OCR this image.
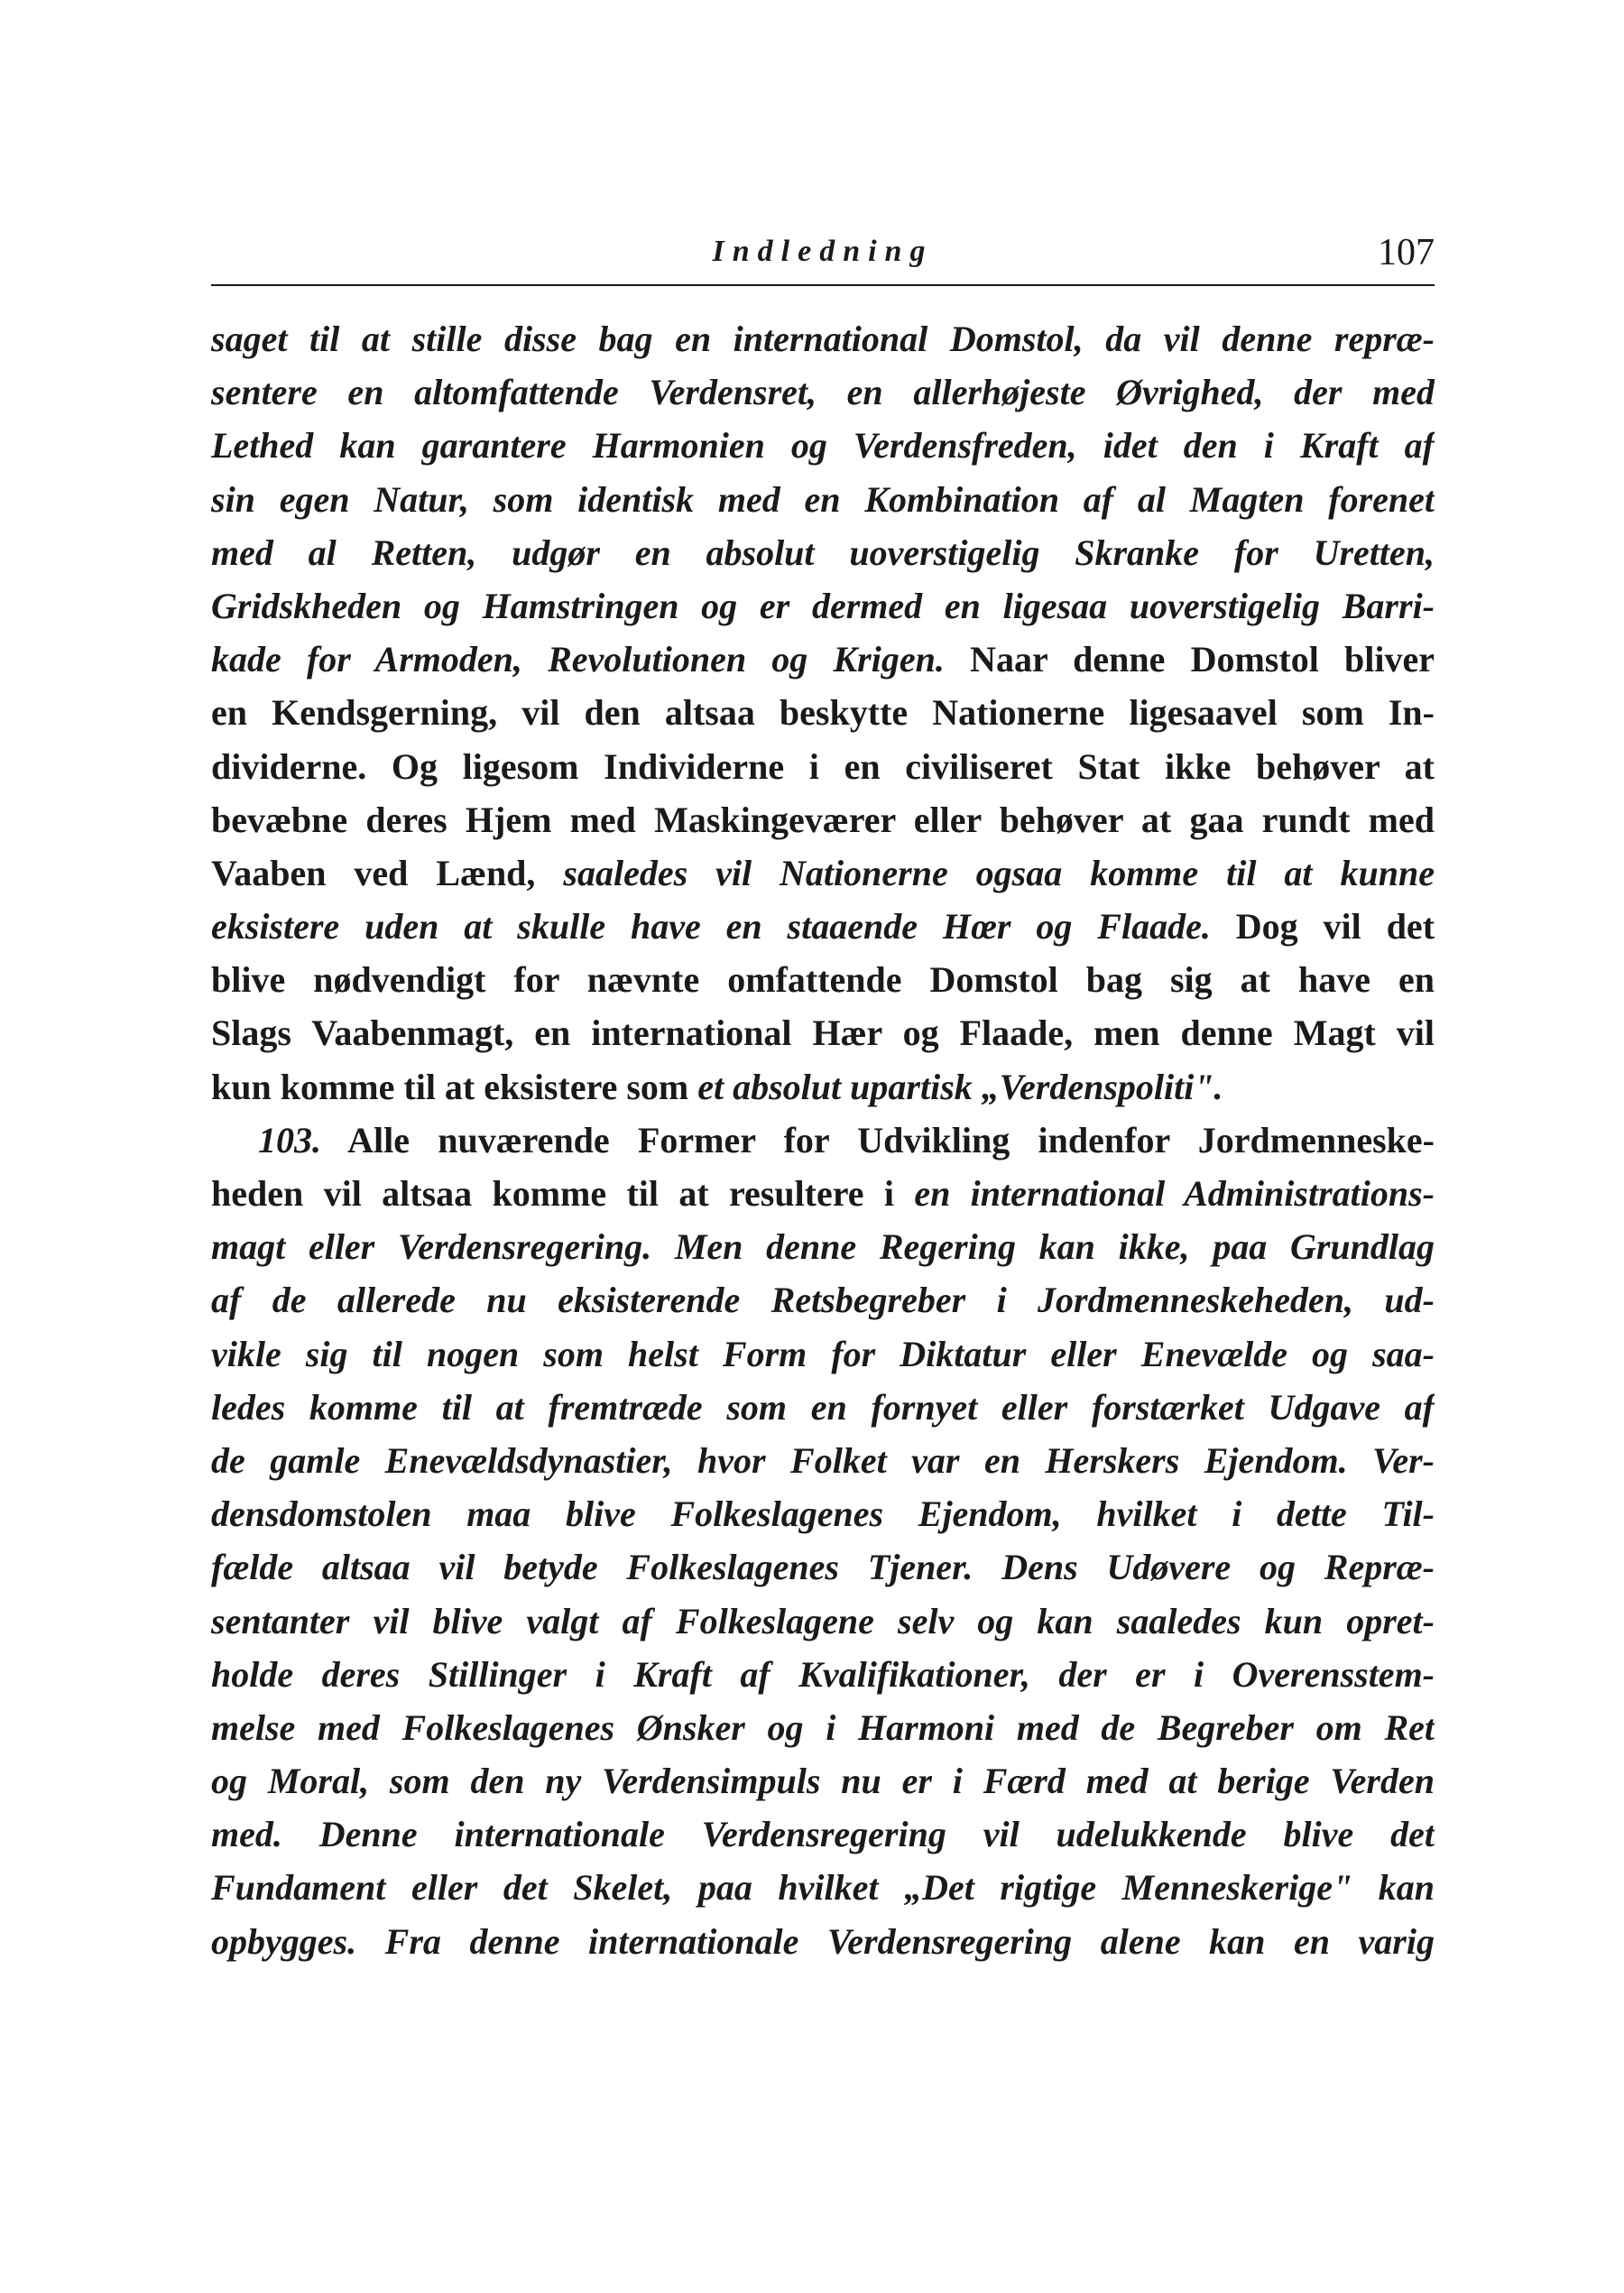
Indledning	107
saget til at stille disse bag en international Domstol, da vil denne repræ-
sentere en altomfattende Verdensret, en allerhøjeste Øvrighed, der med
Lethed kan garantere Harmonien og Verdensfreden, idet den i Kraft af
sin egen Natur, som identisk med en Kombination af al Magten forenet
med al Retten, udgør en absolut uoverstigelig Skranke for Uretten,
Gridskheden og Hamstringen og er dermed en ligesaa uoverstigelig Barri-
kade for Armoden, Revolutionen og Krigen. Naar denne Domstol bliver
en Kendsgerning, vil den altsaa beskytte Nationerne ligesaavel som In-
dividerne. Og ligesom Individerne i en civiliseret Stat ikke behøver at
bevæbne deres Hjem med Maskingeværer eller behøver at gaa rundt med
Vaaben ved Lænd, saaledes vil Nationerne ogsaa komme til at kunne
eksistere uden at skulle have en staaende Hœr og Flaade. Dog vil det
blive nødvendigt for nævnte omfattende Domstol bag sig at have en
Slags Vaabenmagt, en international Hær og Flaade, men denne Magt vil
kun komme til at eksistere som et absolut upartisk „Verdenspoliti".
103. Alle nuværende Former for Udvikling indenfor Jordmenneske-
heden vil altsaa komme til at resultere i en international Administrations-
magt eller Verdensregering. Men denne Regering kan ikke, paa Grundlag
af de allerede nu eksisterende Retsbegreber i Jordmenneskeheden, ud-
vikle sig til nogen som helst Form for Diktatur eller Enevælde og saa-
ledes komme til at fremtræde som en fornyet eller forstærket Udgave af
de gamle Enevældsdynastier, hvor Folket var en Herskers Ejendom. Ver-
densdomstolen maa blive Folkeslagenes Ejendom, hvilket i dette Til-
fælde altsaa vil betyde Folkeslagenes Tjener. Dens Udøvere og Repræ-
sentanter vil blive valgt af Folkeslagene selv og kan saaledes kun opret-
holde deres Stillinger i Kraft af Kvalifikationer, der er i Overensstem-
melse med Folkeslagenes Ønsker og i Harmoni med de Begreber om Ret
og Moral, som den ny Verdensimpuls nu er i Færd med at berige Verden
med. Denne internationale Verdensregering vil udelukkende blive det
Fundament eller det Skelet, paa hvilket „Det rigtige Menneskerige" kan
opbygges. Fra denne internationale Verdensregering alene kan en varig
